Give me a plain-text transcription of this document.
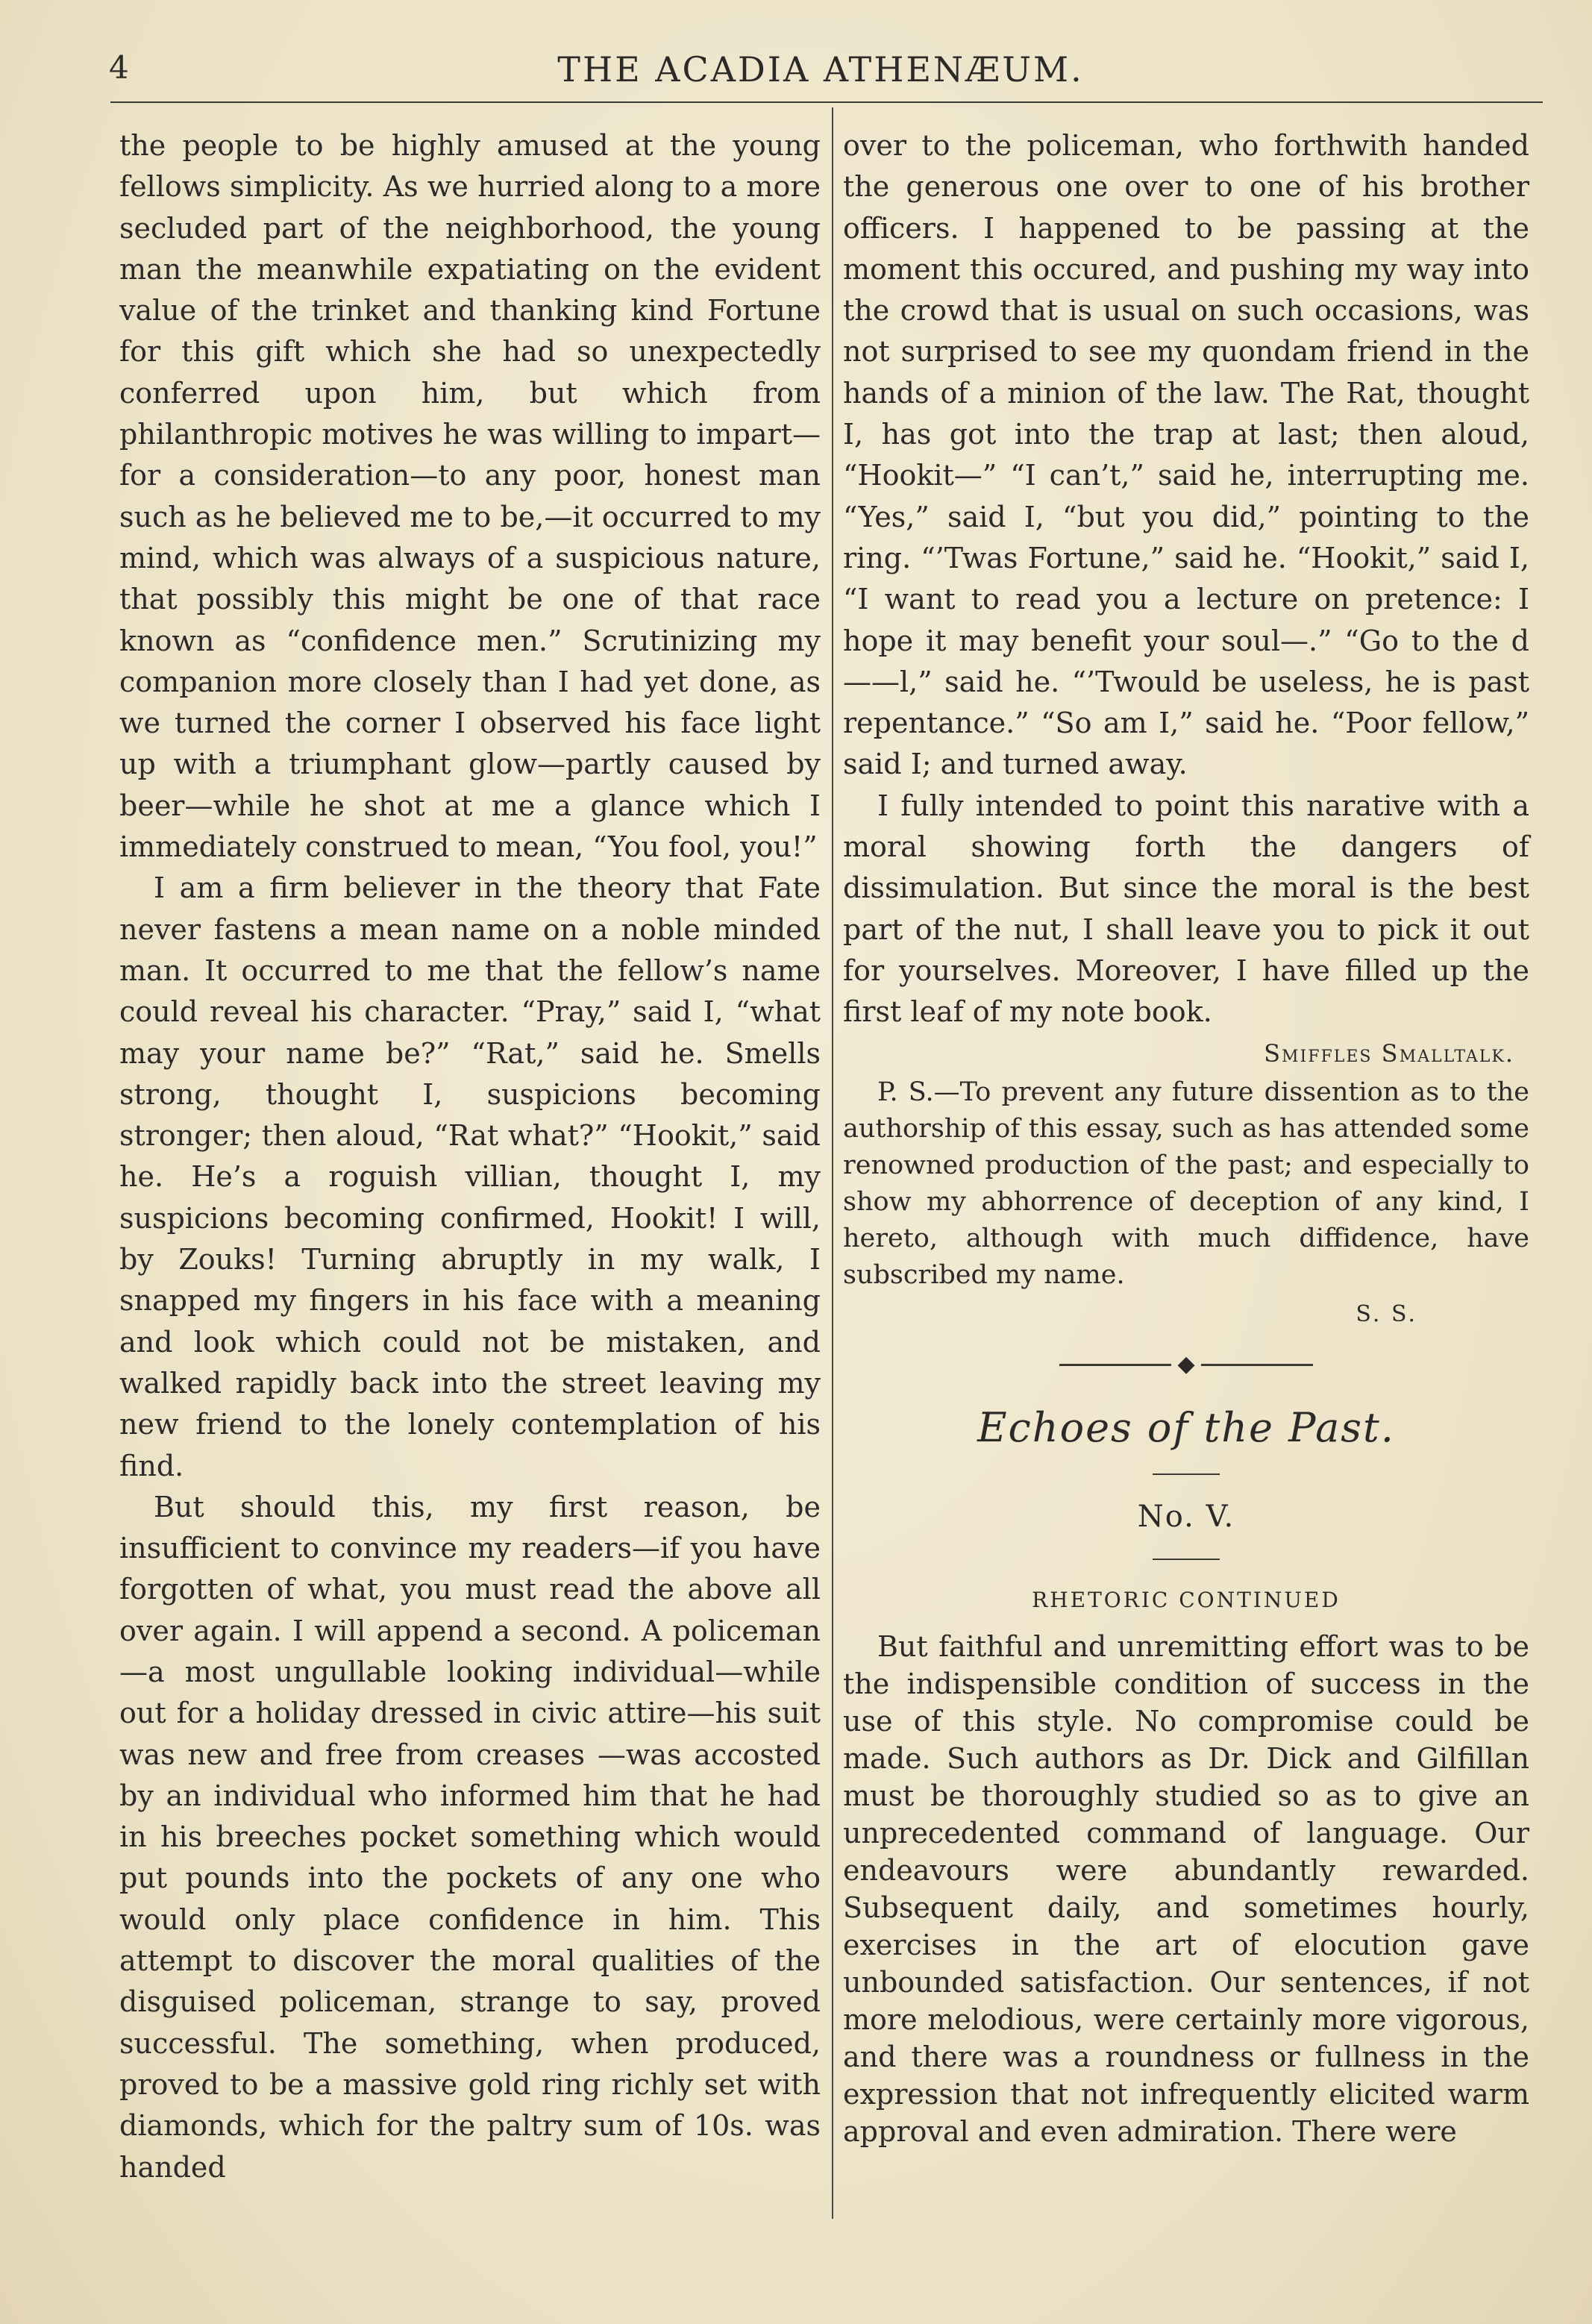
4	THE ACADIA ATHENÆUM.

the people to be highly amused at the young fellows simplicity. As we hurried along to a more secluded part of the neighborhood, the young man the meanwhile expatiating on the evident value of the trinket and thanking kind Fortune for this gift which she had so unexpectedly conferred upon him, but which from philanthropic motives he was willing to impart—for a consideration—to any poor, honest man such as he believed me to be,—it occurred to my mind, which was always of a suspicious nature, that possibly this might be one of that race known as “confidence men.” Scrutinizing my companion more closely than I had yet done, as we turned the corner I observed his face light up with a triumphant glow—partly caused by beer—while he shot at me a glance which I immediately construed to mean, “You fool, you!”

I am a firm believer in the theory that Fate never fastens a mean name on a noble minded man. It occurred to me that the fellow’s name could reveal his character. “Pray,” said I, “what may your name be?” “Rat,” said he. Smells strong, thought I, suspicions becoming stronger; then aloud, “Rat what?” “Hookit,” said he. He’s a roguish villian, thought I, my suspicions becoming confirmed, Hookit! I will, by Zouks! Turning abruptly in my walk, I snapped my fingers in his face with a meaning and look which could not be mistaken, and walked rapidly back into the street leaving my new friend to the lonely contemplation of his find.

But should this, my first reason, be insufficient to convince my readers—if you have forgotten of what, you must read the above all over again. I will append a second. A policeman—a most ungullable looking individual—while out for a holiday dressed in civic attire—his suit was new and free from creases —was accosted by an individual who informed him that he had in his breeches pocket something which would put pounds into the pockets of any one who would only place confidence in him. This attempt to discover the moral qualities of the disguised policeman, strange to say, proved successful. The something, when produced, proved to be a massive gold ring richly set with diamonds, which for the paltry sum of 10s. was handed

over to the policeman, who forthwith handed the generous one over to one of his brother officers. I happened to be passing at the moment this occured, and pushing my way into the crowd that is usual on such occasions, was not surprised to see my quondam friend in the hands of a minion of the law. The Rat, thought I, has got into the trap at last; then aloud, “Hookit—” “I can’t,” said he, interrupting me. “Yes,” said I, “but you did,” pointing to the ring. “’Twas Fortune,” said he. “Hookit,” said I, “I want to read you a lecture on pretence: I hope it may benefit your soul—.” “Go to the d——l,” said he. “’Twould be useless, he is past repentance.” “So am I,” said he. “Poor fellow,” said I; and turned away.

I fully intended to point this narative with a moral showing forth the dangers of dissimulation. But since the moral is the best part of the nut, I shall leave you to pick it out for yourselves. Moreover, I have filled up the first leaf of my note book.

Smiffles Smalltalk.

P. S.—To prevent any future dissention as to the authorship of this essay, such as has attended some renowned production of the past; and especially to show my abhorrence of deception of any kind, I hereto, although with much diffidence, have subscribed my name.

S. S.

◆

Echoes of the Past.

No. V.

RHETORIC CONTINUED

But faithful and unremitting effort was to be the indispensible condition of success in the use of this style. No compromise could be made. Such authors as Dr. Dick and Gilfillan must be thoroughly studied so as to give an unprecedented command of language. Our endeavours were abundantly rewarded. Subsequent daily, and sometimes hourly, exercises in the art of elocution gave unbounded satisfaction. Our sentences, if not more melodious, were certainly more vigorous, and there was a roundness or fullness in the expression that not infrequently elicited warm approval and even admiration. There were
